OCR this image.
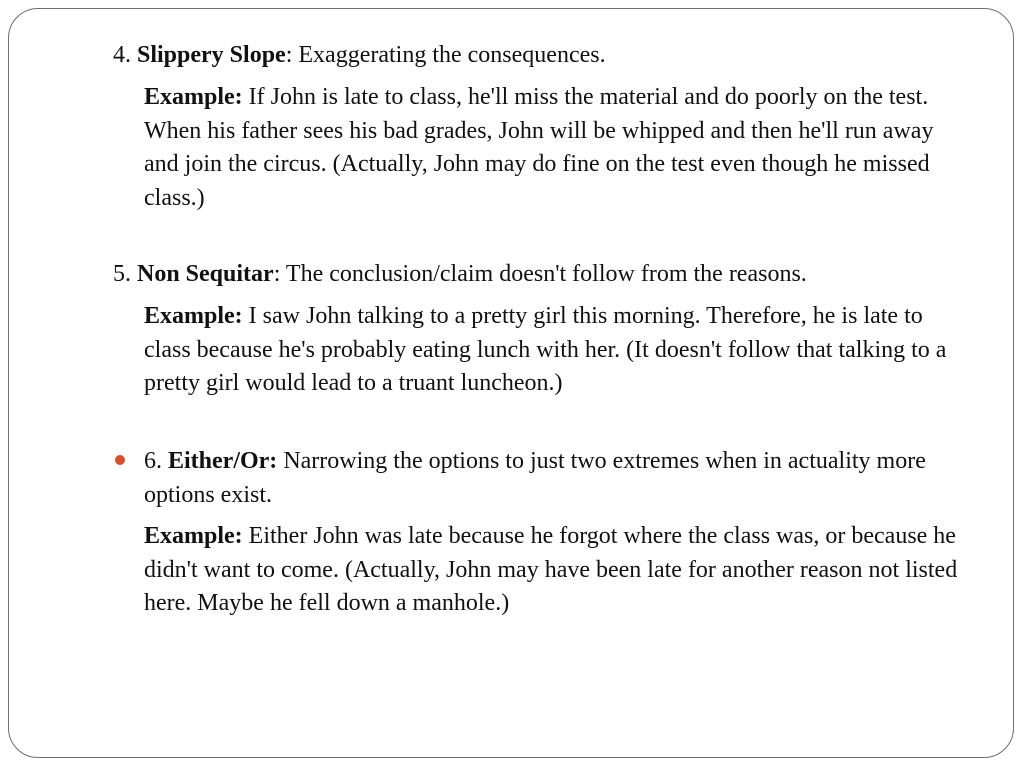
4. Slippery Slope: Exaggerating the consequences.
Example: If John is late to class, he'll miss the material and do poorly on the test. When his father sees his bad grades, John will be whipped and then he'll run away and join the circus. (Actually, John may do fine on the test even though he missed class.)
5. Non Sequitar: The conclusion/claim doesn't follow from the reasons.
Example: I saw John talking to a pretty girl this morning. Therefore, he is late to class because he's probably eating lunch with her. (It doesn't follow that talking to a pretty girl would lead to a truant luncheon.)
6. Either/Or: Narrowing the options to just two extremes when in actuality more options exist.
Example: Either John was late because he forgot where the class was, or because he didn't want to come. (Actually, John may have been late for another reason not listed here. Maybe he fell down a manhole.)
